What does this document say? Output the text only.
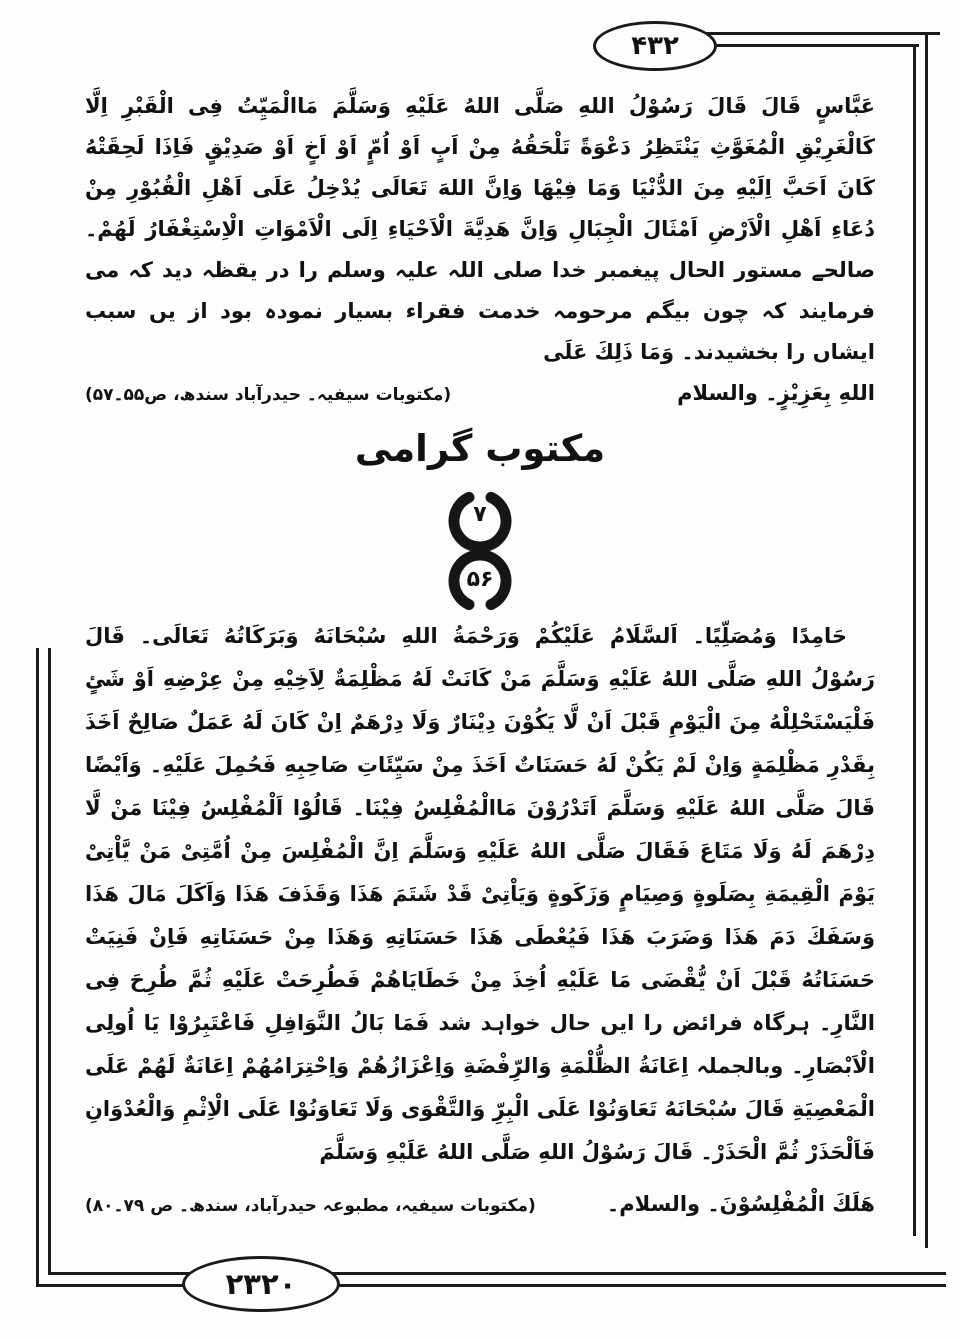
۴۳۲

عَبَّاسٍ قَالَ قَالَ رَسُوْلُ اللهِ صَلَّى اللهُ عَلَيْهِ وَسَلَّمَ مَاالْمَيِّتُ فِى الْقَبْرِ اِلَّا كَالْغَرِيْقِ الْمُغَوَّثِ يَنْتَظِرُ دَعْوَةً تَلْحَقُهُ مِنْ اَبٍ اَوْ اُمٍّ اَوْ اَخٍ اَوْ صَدِيْقٍ فَاِذَا لَحِقَتْهُ كَانَ اَحَبَّ اِلَيْهِ مِنَ الدُّنْيَا وَمَا فِيْهَا وَاِنَّ اللهَ تَعَالَى يُدْخِلُ عَلَى اَهْلِ الْقُبُوْرِ مِنْ دُعَاءِ اَهْلِ الْاَرْضِ اَمْثَالَ الْجِبَالِ وَاِنَّ هَدِيَّةَ الْاَحْيَاءِ اِلَى الْاَمْوَاتِ الْاِسْتِغْفَارُ لَهُمْ۔ صالحے مستور الحال پیغمبر خدا صلی اللہ علیہ وسلم را در یقظہ دید کہ می فرمایند کہ چون بیگم مرحومہ خدمت فقراء بسیار نمودہ بود از یں سبب ایشاں را بخشیدند۔ وَمَا ذَلِكَ عَلَى

اللهِ بِعَزِيْزٍ۔ والسلام
(مکتوبات سیفیہ۔ حیدرآباد سندھ، ص۵۵۔۵۷)
مکتوب گرامی
۷
۵۶

حَامِدًا وَمُصَلِّيًا۔ اَلسَّلَامُ عَلَيْكُمْ وَرَحْمَةُ اللهِ سُبْحَانَهُ وَبَرَكَاتُهُ تَعَالَى۔ قَالَ رَسُوْلُ اللهِ صَلَّى اللهُ عَلَيْهِ وَسَلَّمَ مَنْ كَانَتْ لَهُ مَظْلِمَةٌ لِاَخِيْهِ مِنْ عِرْضِهِ اَوْ شَئٍ فَلْيَسْتَحْلِلْهُ مِنَ الْيَوْمِ قَبْلَ اَنْ لَّا يَكُوْنَ دِيْنَارٌ وَلَا دِرْهَمٌ اِنْ كَانَ لَهُ عَمَلٌ صَالِحٌ اَخَذَ بِقَدْرِ مَظْلِمَةٍ وَاِنْ لَمْ يَكُنْ لَهُ حَسَنَاتٌ اَخَذَ مِنْ سَيِّئَاتِ صَاحِبِهِ فَحُمِلَ عَلَيْهِ۔ وَاَيْضًا قَالَ صَلَّى اللهُ عَلَيْهِ وَسَلَّمَ اَتَدْرُوْنَ مَاالْمُفْلِسُ فِيْنَا۔ قَالُوْا اَلْمُفْلِسُ فِيْنَا مَنْ لَّا دِرْهَمَ لَهُ وَلَا مَتَاعَ فَقَالَ صَلَّى اللهُ عَلَيْهِ وَسَلَّمَ اِنَّ الْمُفْلِسَ مِنْ اُمَّتِىْ مَنْ يَّاْتِىْ يَوْمَ الْقِيمَةِ بِصَلَوةٍ وَصِيَامٍ وَزَكَوةٍ وَيَاْتِىْ قَدْ شَتَمَ هَذَا وَقَذَفَ هَذَا وَاَكَلَ مَالَ هَذَا وَسَفَكَ دَمَ هَذَا وَضَرَبَ هَذَا فَيُعْطَى هَذَا حَسَنَاتِهِ وَهَذَا مِنْ حَسَنَاتِهِ فَاِنْ فَنِيَتْ حَسَنَاتُهُ قَبْلَ اَنْ يُّقْضَى مَا عَلَيْهِ اُخِذَ مِنْ خَطَايَاهُمْ فَطُرِحَتْ عَلَيْهِ ثُمَّ طُرِحَ فِى النَّارِ۔ ہرگاہ فرائض را ایں حال خواہد شد فَمَا بَالُ النَّوَافِلِ فَاعْتَبِرُوْا يَا اُولِى الْاَبْصَارِ۔ وبالجملہ اِعَانَةُ الظُّلْمَةِ وَالرِّفْضَةِ وَاِعْزَازُهُمْ وَاِحْتِرَامُهُمْ اِعَانَةٌ لَهُمْ عَلَى الْمَعْصِيَةِ قَالَ سُبْحَانَهُ تَعَاوَنُوْا عَلَى الْبِرِّ وَالتَّقْوَى وَلَا تَعَاوَنُوْا عَلَى الْاِثْمِ وَالْعُدْوَانِ فَاَلْحَذَرْ ثُمَّ الْحَذَرْ۔ قَالَ رَسُوْلُ اللهِ صَلَّى اللهُ عَلَيْهِ وَسَلَّمَ

هَلَكَ الْمُفْلِسُوْنَ۔ والسلام۔
(مکتوبات سیفیہ، مطبوعہ حیدرآباد، سندھ۔ ص ۷۹۔۸۰)
۲۳۲۰
